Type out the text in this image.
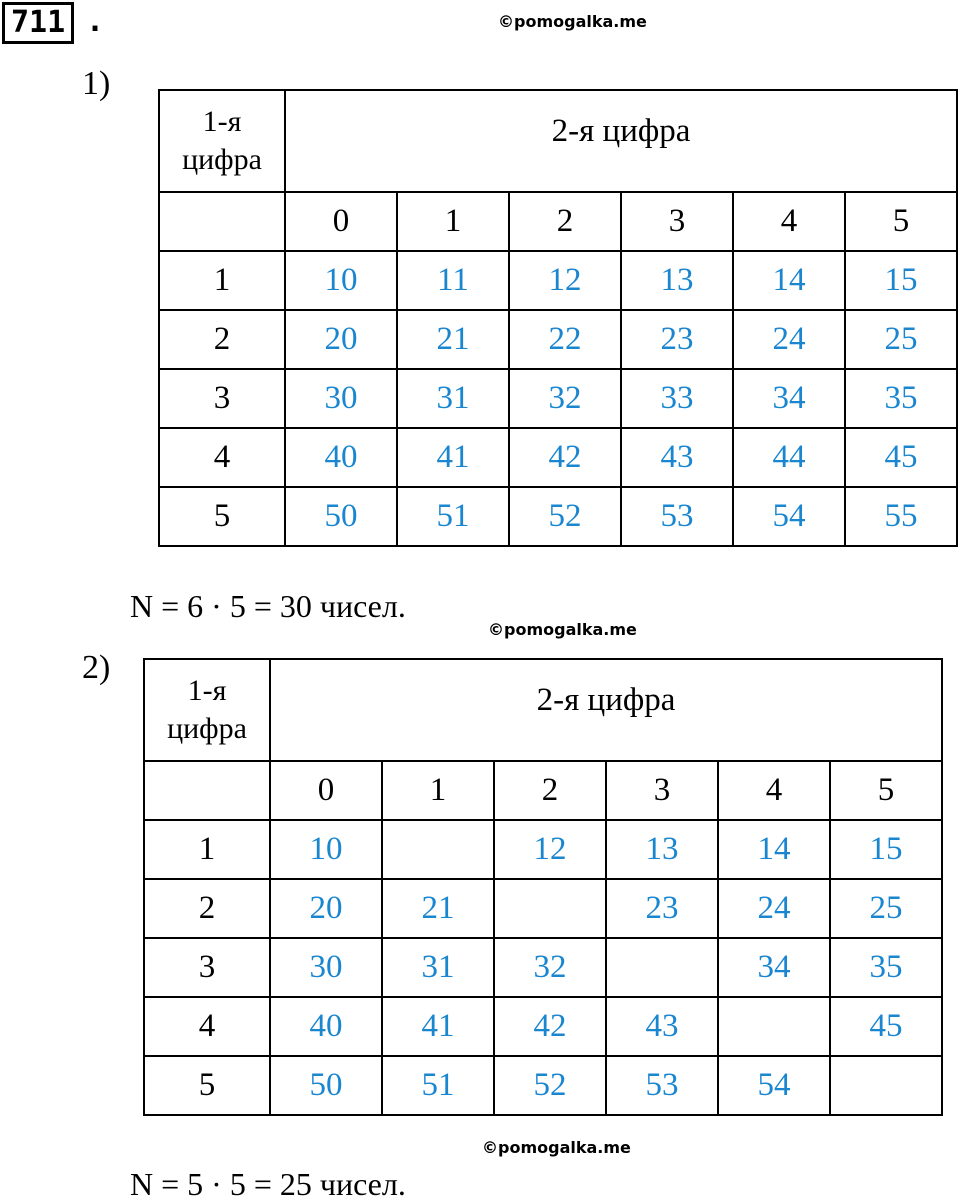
711 .	©pomogalka.me
©pomogalka.me
©pomogalka.me
1)
1-я
цифра	2-я цифра					
	0	1	2	3	4	5
1	10	11	12	13	14	15
2	20	21	22	23	24	25
3	30	31	32	33	34	35
4	40	41	42	43	44	45
5	50	51	52	53	54	55
N = 6 · 5 = 30 чисел.
2)
1-я
цифра	2-я цифра					
	0	1	2	3	4	5
1	10		12	13	14	15
2	20	21		23	24	25
3	30	31	32		34	35
4	40	41	42	43		45
5	50	51	52	53	54	
N = 5 · 5 = 25 чисел.
